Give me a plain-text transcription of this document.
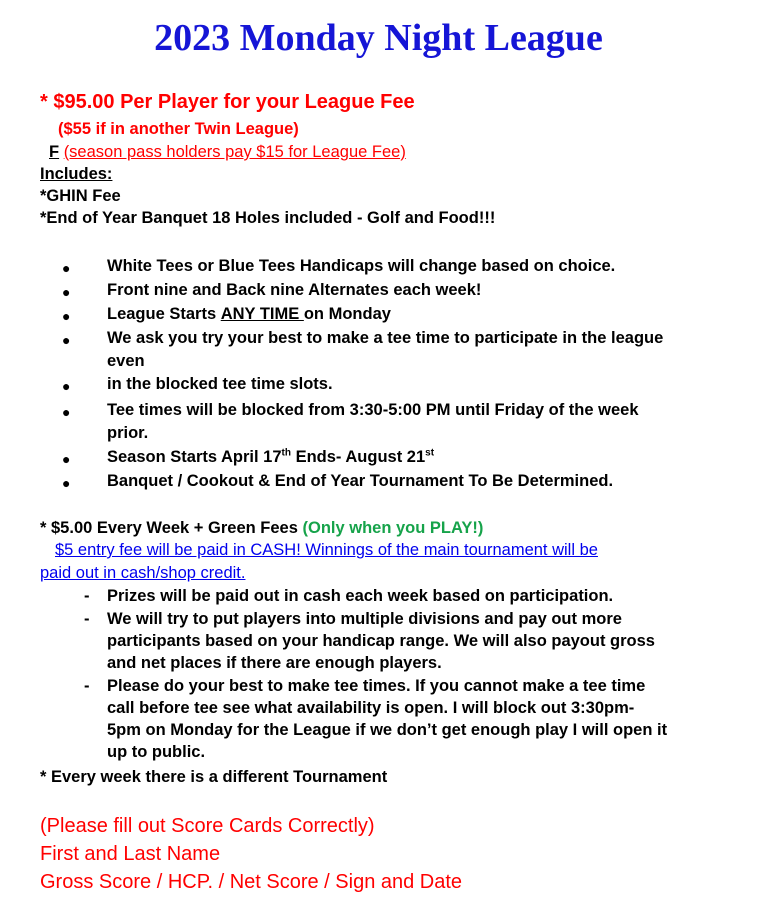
2023 Monday Night League
* $95.00 Per Player for your League Fee
($55 if in another Twin League)
F (season pass holders pay $15 for League Fee)
Includes:
*GHIN Fee
*End of Year Banquet 18 Holes included - Golf and Food!!!
● White Tees or Blue Tees Handicaps will change based on choice.
● Front nine and Back nine Alternates each week!
● League Starts ANY TIME on Monday
● We ask you try your best to make a tee time to participate in the league
even
● in the blocked tee time slots.
● Tee times will be blocked from 3:30-5:00 PM until Friday of the week
prior.
● Season Starts April 17th Ends- August 21st
● Banquet / Cookout & End of Year Tournament To Be Determined.
* $5.00 Every Week + Green Fees (Only when you PLAY!)
$5 entry fee will be paid in CASH! Winnings of the main tournament will be
paid out in cash/shop credit.
- Prizes will be paid out in cash each week based on participation.
- We will try to put players into multiple divisions and pay out more
participants based on your handicap range. We will also payout gross
and net places if there are enough players.
- Please do your best to make tee times. If you cannot make a tee time
call before tee see what availability is open. I will block out 3:30pm-
5pm on Monday for the League if we don’t get enough play I will open it
up to public.
* Every week there is a different Tournament
(Please fill out Score Cards Correctly)
First and Last Name
Gross Score / HCP. / Net Score / Sign and Date
